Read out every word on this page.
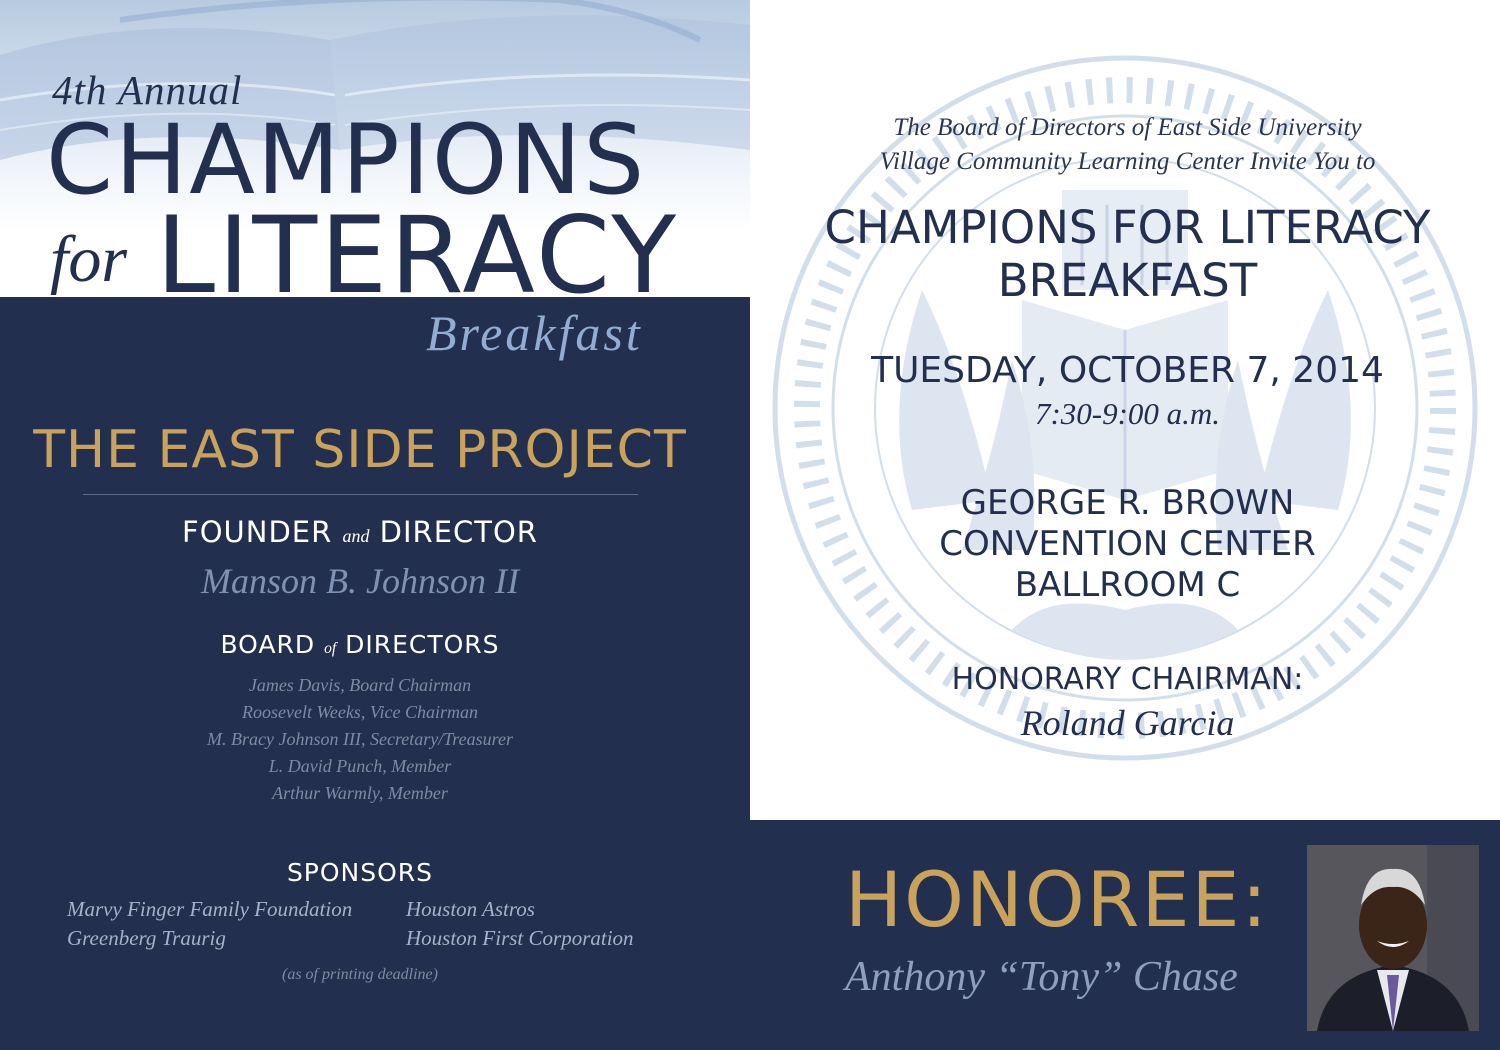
4th Annual
CHAMPIONS
for LITERACY
Breakfast
THE EAST SIDE PROJECT
FOUNDER and DIRECTOR
Manson B. Johnson II
BOARD of DIRECTORS
James Davis, Board Chairman
Roosevelt Weeks, Vice Chairman
M. Bracy Johnson III, Secretary/Treasurer
L. David Punch, Member
Arthur Warmly, Member
SPONSORS
Marvy Finger Family Foundation	Houston Astros
Greenberg Traurig	Houston First Corporation
(as of printing deadline)
The Board of Directors of East Side University
Village Community Learning Center Invite You to
CHAMPIONS FOR LITERACY
BREAKFAST
TUESDAY, OCTOBER 7, 2014
7:30-9:00 a.m.
GEORGE R. BROWN
CONVENTION CENTER
BALLROOM C
HONORARY CHAIRMAN:
Roland Garcia
HONOREE:
Anthony “Tony” Chase
